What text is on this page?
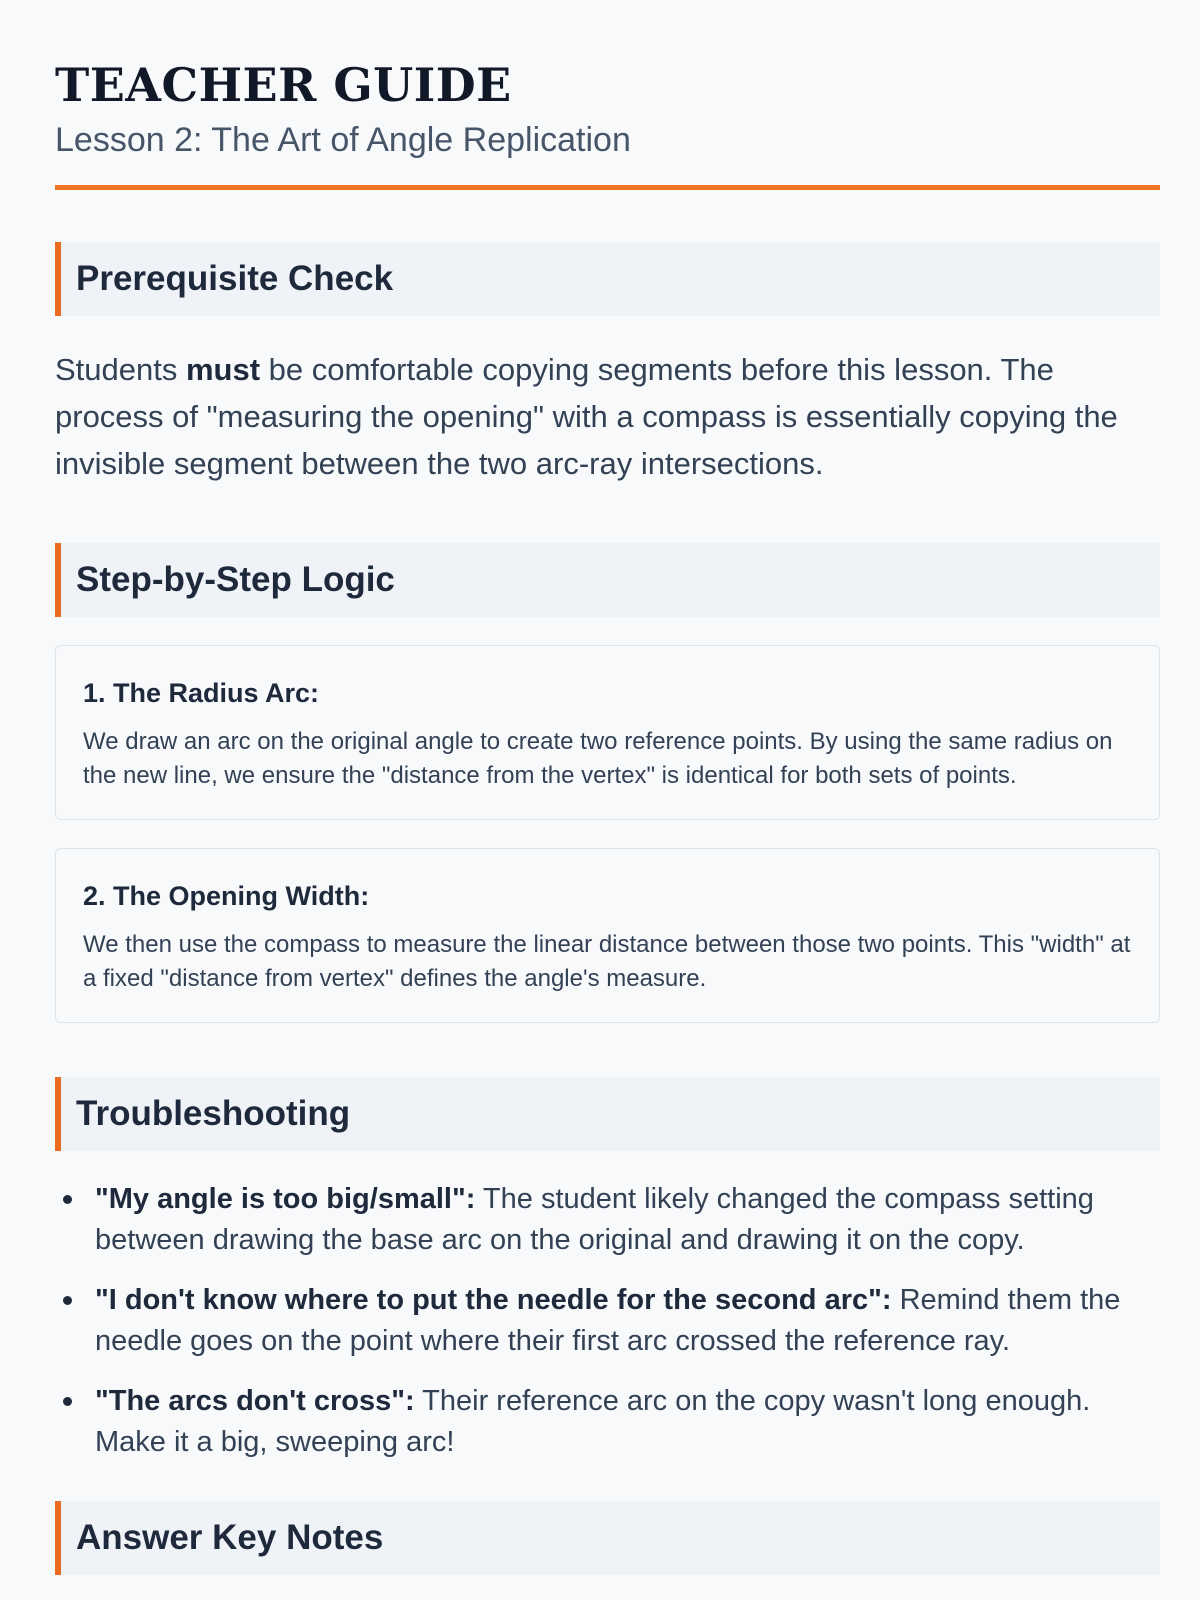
TEACHER GUIDE
Lesson 2: The Art of Angle Replication
Prerequisite Check
Students must be comfortable copying segments before this lesson. The process of "measuring the opening" with a compass is essentially copying the invisible segment between the two arc-ray intersections.
Step-by-Step Logic
1. The Radius Arc:
We draw an arc on the original angle to create two reference points. By using the same radius on the new line, we ensure the "distance from the vertex" is identical for both sets of points.
2. The Opening Width:
We then use the compass to measure the linear distance between those two points. This "width" at a fixed "distance from vertex" defines the angle's measure.
Troubleshooting
"My angle is too big/small": The student likely changed the compass setting between drawing the base arc on the original and drawing it on the copy.
"I don't know where to put the needle for the second arc": Remind them the needle goes on the point where their first arc crossed the reference ray.
"The arcs don't cross": Their reference arc on the copy wasn't long enough. Make it a big, sweeping arc!
Answer Key Notes
